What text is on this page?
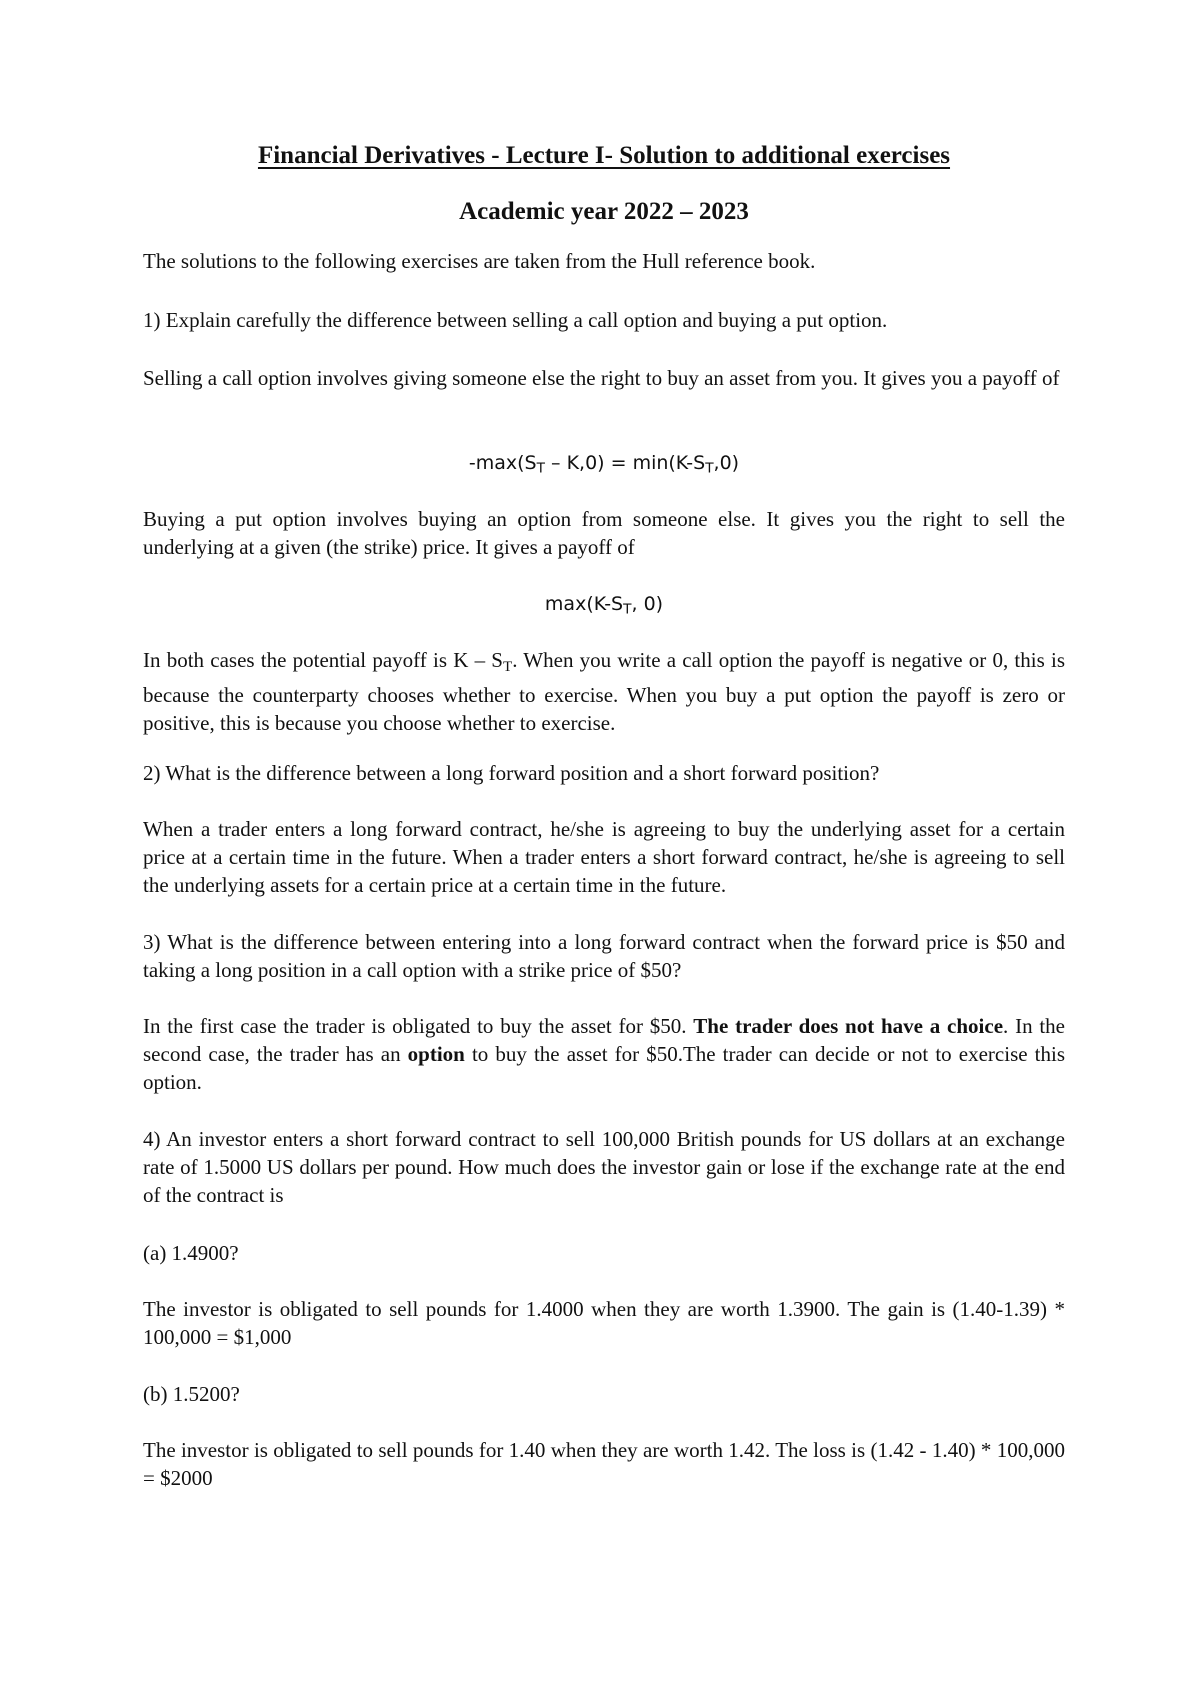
Financial Derivatives - Lecture I- Solution to additional exercises
Academic year 2022 – 2023

The solutions to the following exercises are taken from the Hull reference book.

1) Explain carefully the difference between selling a call option and buying a put option.

Selling a call option involves giving someone else the right to buy an asset from you. It gives you a payoff of

$-\max(S_T - K,0) = \min(K-S_T,0)$

Buying a put option involves buying an option from someone else. It gives you the right to sell the underlying at a given (the strike) price. It gives a payoff of

$\max(K-S_T$, 0)

In both cases the potential payoff is K – $S_T$. When you write a call option the payoff is negative or 0, this is because the counterparty chooses whether to exercise. When you buy a put option the payoff is zero or positive, this is because you choose whether to exercise.

2) What is the difference between a long forward position and a short forward position?

When a trader enters a long forward contract, he/she is agreeing to buy the underlying asset for a certain price at a certain time in the future. When a trader enters a short forward contract, he/she is agreeing to sell the underlying assets for a certain price at a certain time in the future.

3) What is the difference between entering into a long forward contract when the forward price is $50 and taking a long position in a call option with a strike price of $50?

In the first case the trader is obligated to buy the asset for $50. The trader does not have a choice. In the second case, the trader has an option to buy the asset for $50.The trader can decide or not to exercise this option.

4) An investor enters a short forward contract to sell 100,000 British pounds for US dollars at an exchange rate of 1.5000 US dollars per pound. How much does the investor gain or lose if the exchange rate at the end of the contract is

(a) 1.4900?

The investor is obligated to sell pounds for 1.4000 when they are worth 1.3900. The gain is (1.40-1.39) * 100,000 = $1,000

(b) 1.5200?

The investor is obligated to sell pounds for 1.40 when they are worth 1.42. The loss is (1.42 - 1.40) * 100,000 = $2000
